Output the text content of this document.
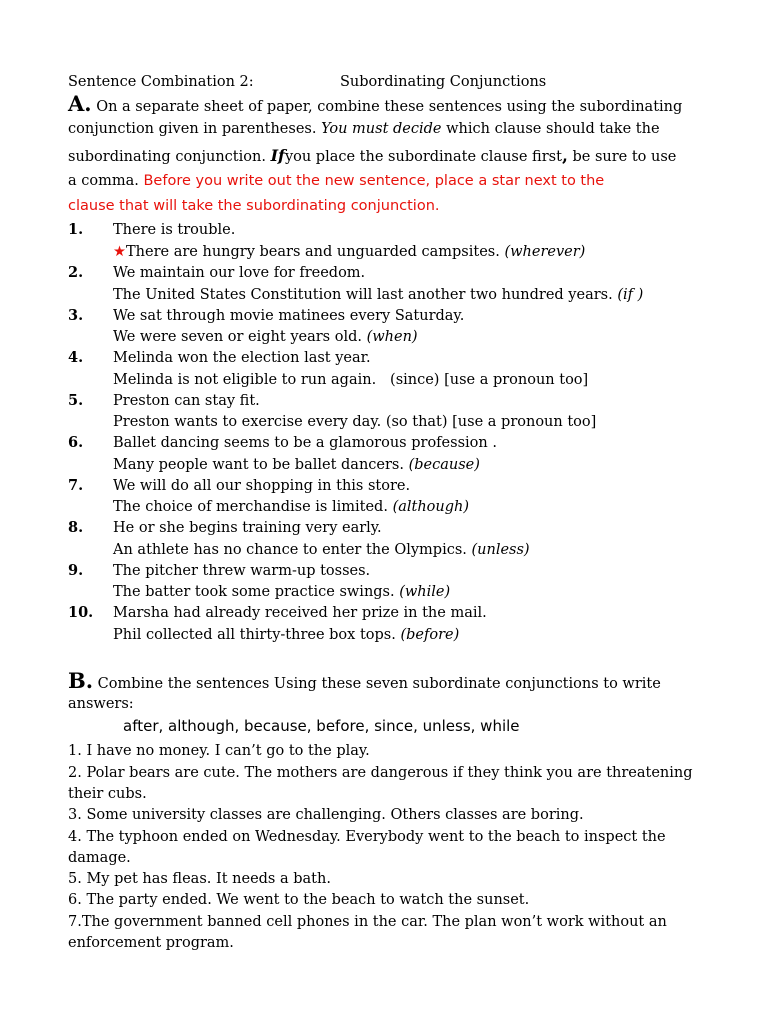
Sentence Combination 2:	Subordinating Conjunctions
A. On a separate sheet of paper, combine these sentences using the subordinating
conjunction given in parentheses. You must decide which clause should take the
subordinating conjunction. Ifyou place the subordinate clause first, be sure to use
a comma. Before you write out the new sentence, place a star next to the
clause that will take the subordinating conjunction.
1. There is trouble.
★There are hungry bears and unguarded campsites. (wherever)
2. We maintain our love for freedom.
The United States Constitution will last another two hundred years. (if )
3. We sat through movie matinees every Saturday.
We were seven or eight years old. (when)
4. Melinda won the election last year.
Melinda is not eligible to run again. (since) [use a pronoun too]
5. Preston can stay fit.
Preston wants to exercise every day. (so that) [use a pronoun too]
6. Ballet dancing seems to be a glamorous profession .
Many people want to be ballet dancers. (because)
7. We will do all our shopping in this store.
The choice of merchandise is limited. (although)
8. He or she begins training very early.
An athlete has no chance to enter the Olympics. (unless)
9. The pitcher threw warm-up tosses.
The batter took some practice swings. (while)
10. Marsha had already received her prize in the mail.
Phil collected all thirty-three box tops. (before)
B. Combine the sentences Using these seven subordinate conjunctions to write
answers:
after, although, because, before, since, unless, while
1. I have no money. I can’t go to the play.
2. Polar bears are cute. The mothers are dangerous if they think you are threatening
their cubs.
3. Some university classes are challenging. Others classes are boring.
4. The typhoon ended on Wednesday. Everybody went to the beach to inspect the
damage.
5. My pet has fleas. It needs a bath.
6. The party ended. We went to the beach to watch the sunset.
7.The government banned cell phones in the car. The plan won’t work without an
enforcement program.
